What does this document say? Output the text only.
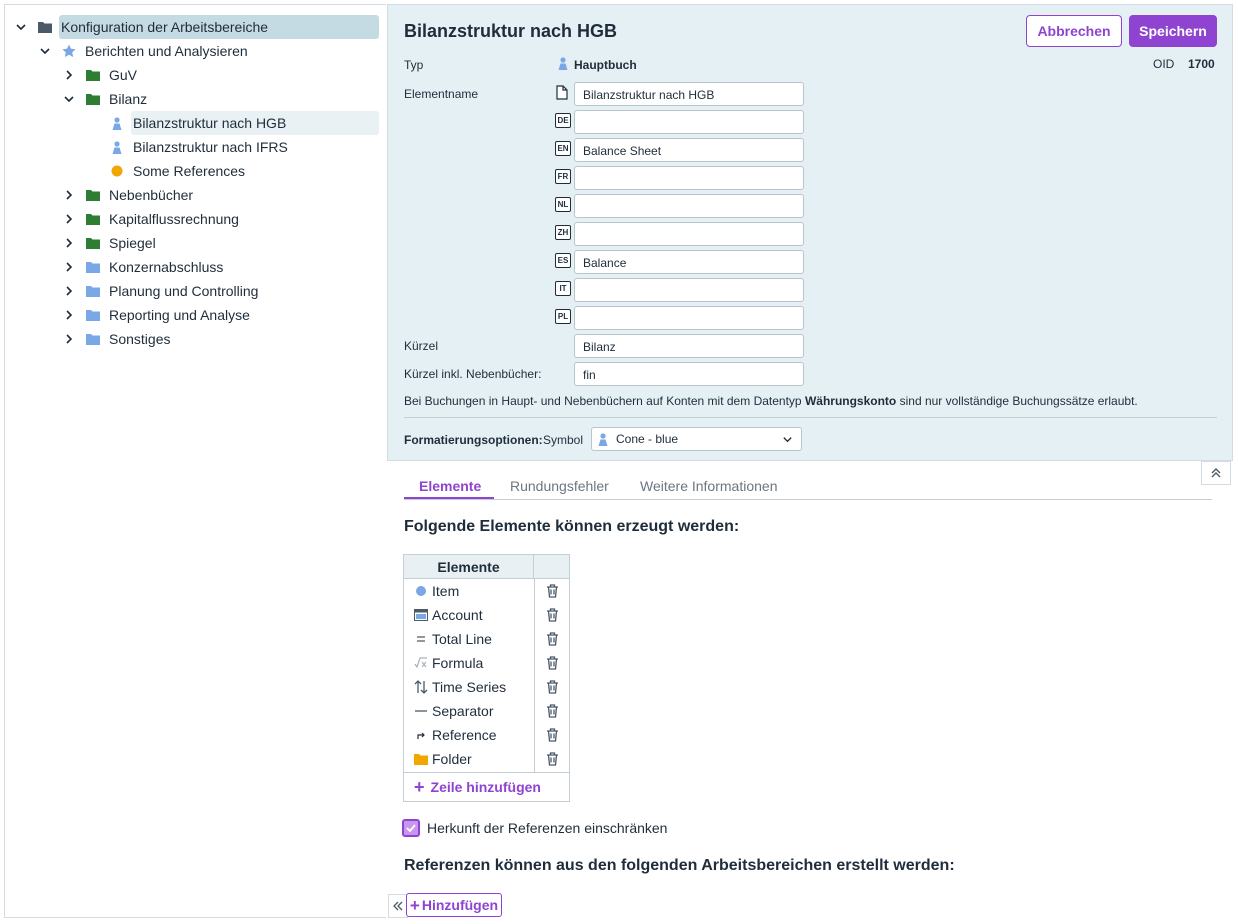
Konfiguration der Arbeitsbereiche
Berichten und Analysieren
GuV
Bilanz
Bilanzstruktur nach HGB
Bilanzstruktur nach IFRS
Some References
Nebenbücher
Kapitalflussrechnung
Spiegel
Konzernabschluss
Planung und Controlling
Reporting und Analyse
Sonstiges
Bilanzstruktur nach HGB	Abbrechen	Speichern
Typ	Hauptbuch	OID 1700
Elementname	Bilanzstruktur nach HGB
DE
EN	Balance Sheet
FR
NL
ZH
ES	Balance
IT
PL
Kürzel	Bilanz
Kürzel inkl. Nebenbücher:	fin
Bei Buchungen in Haupt- und Nebenbüchern auf Konten mit dem Datentyp Währungskonto sind nur vollständige Buchungssätze erlaubt.
Formatierungsoptionen: Symbol	Cone - blue
Elemente Rundungsfehler Weitere Informationen
Folgende Elemente können erzeugt werden:
Elemente
Item
Account
Total Line
Formula
Time Series
Separator
Reference
Folder
+ Zeile hinzufügen
Herkunft der Referenzen einschränken
Referenzen können aus den folgenden Arbeitsbereichen erstellt werden:
+ Hinzufügen
